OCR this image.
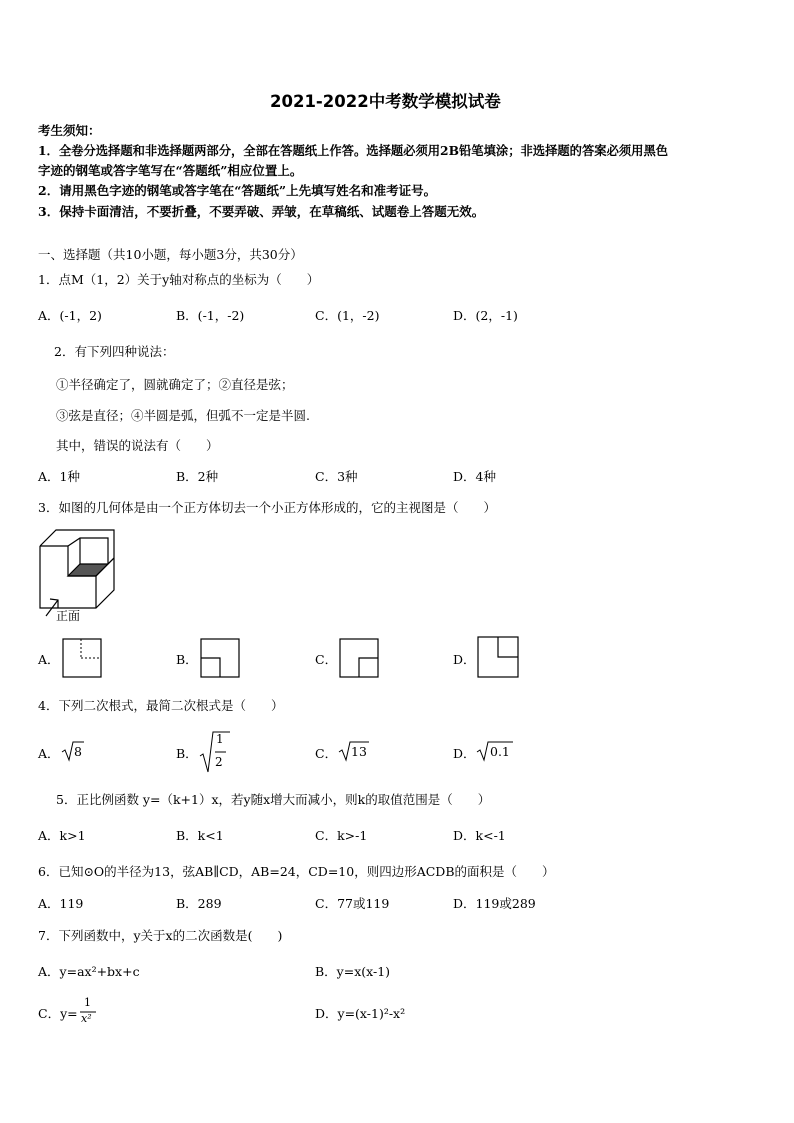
2021-2022中考数学模拟试卷
考生须知：
1．全卷分选择题和非选择题两部分，全部在答题纸上作答。选择题必须用2B铅笔填涂；非选择题的答案必须用黑色
字迹的钢笔或答字笔写在“答题纸”相应位置上。
2．请用黑色字迹的钢笔或答字笔在“答题纸”上先填写姓名和准考证号。
3．保持卡面清洁，不要折叠，不要弄破、弄皱，在草稿纸、试题卷上答题无效。
一、选择题（共10小题，每小题3分，共30分）
1．点M（1，2）关于y轴对称点的坐标为（　　）
A．(-1，2)	B．(-1，-2)	C．(1，-2)	D．(2，-1)
2．有下列四种说法：
①半径确定了，圆就确定了；②直径是弦；
③弦是直径；④半圆是弧，但弧不一定是半圆.
其中，错误的说法有（　　）
A．1种	B．2种	C．3种	D．4种
3．如图的几何体是由一个正方体切去一个小正方体形成的，它的主视图是（　　）
正面
A．	B．	C．	D．
4．下列二次根式，最简二次根式是（　　）
A． 8	B．
1
2
C． 13	D． 0.1
5．正比例函数 y=（k+1）x，若y随x增大而减小，则k的取值范围是（　　）
A．k>1	B．k<1	C．k>-1	D．k<-1
6．已知⊙O的半径为13，弦AB∥CD，AB=24，CD=10，则四边形ACDB的面积是（　　）
A．119	B．289	C．77或119	D．119或289
7．下列函数中，y关于x的二次函数是(　　)
A．y=ax²+bx+c	B．y=x(x-1)
C．y=
1
x²	D．y=(x-1)²-x²
